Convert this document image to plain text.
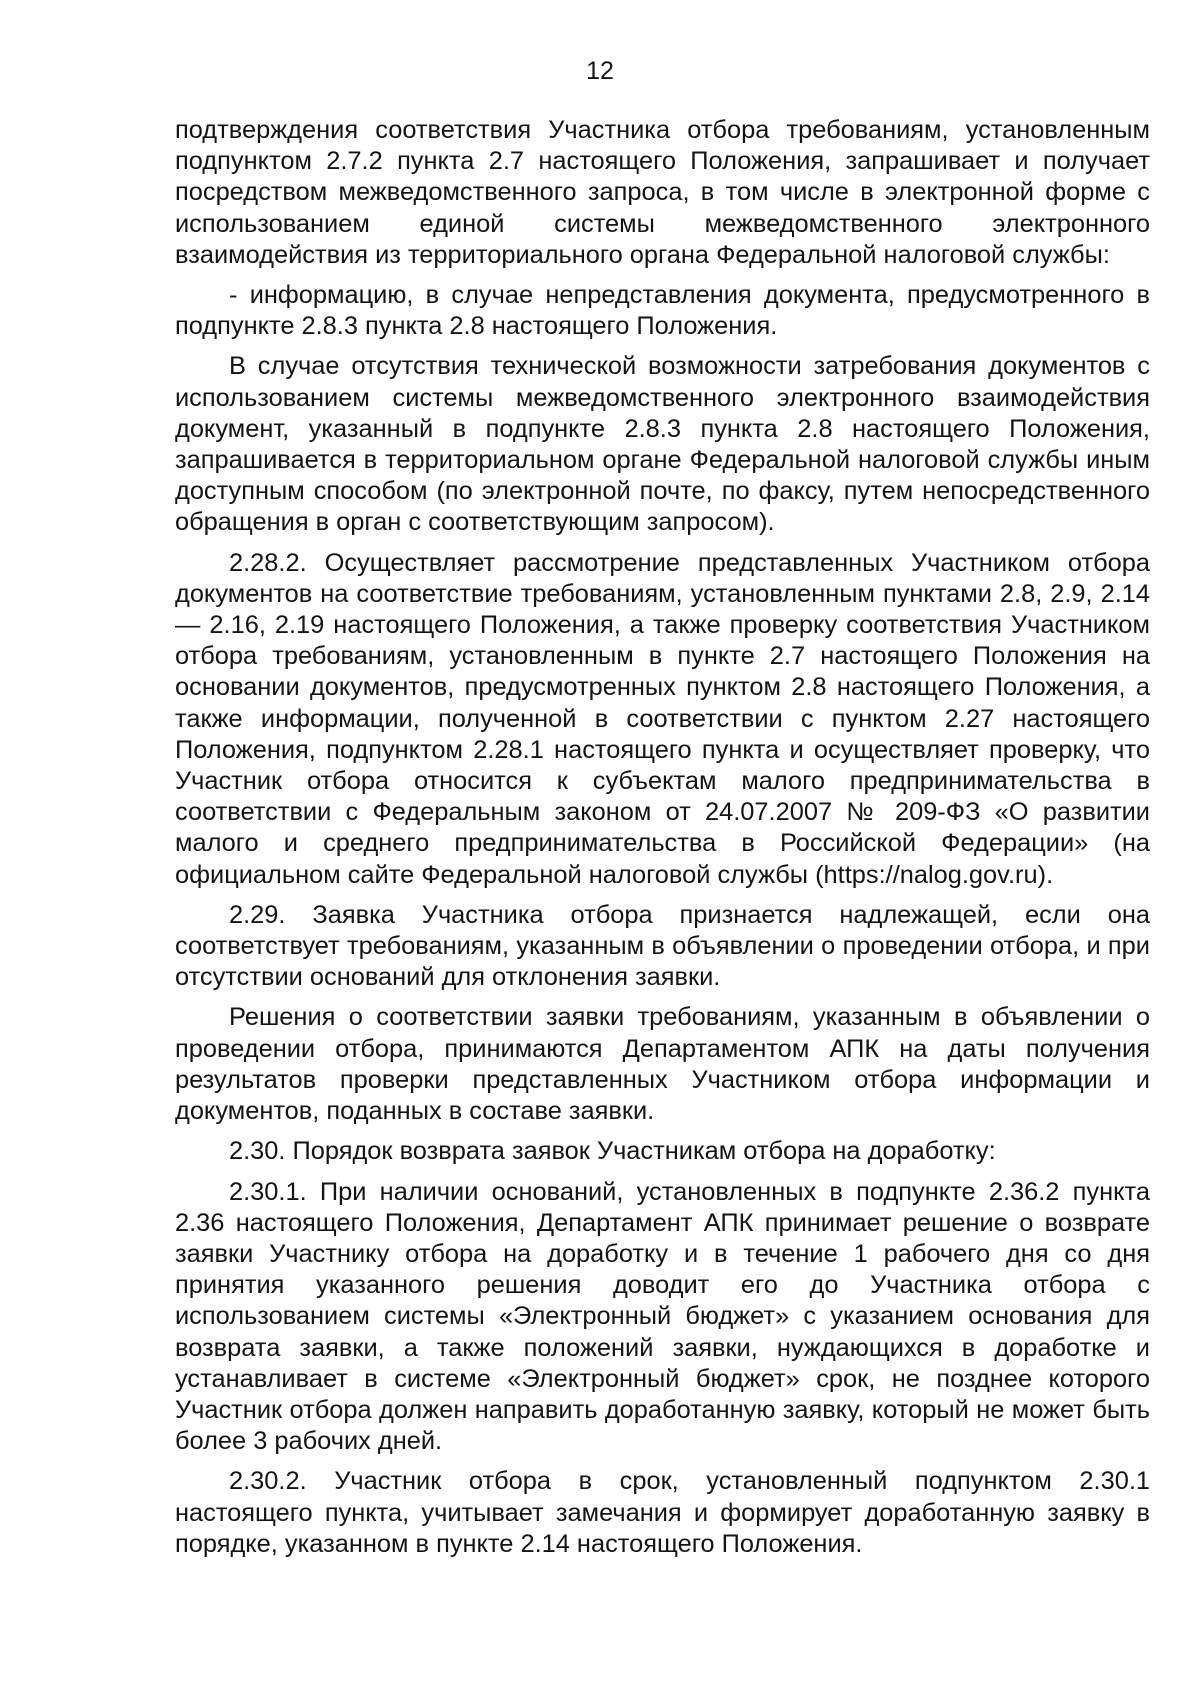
12

подтверждения соответствия Участника отбора требованиям, установленным подпунктом 2.7.2 пункта 2.7 настоящего Положения, запрашивает и получает посредством межведомственного запроса, в том числе в электронной форме с использованием единой системы межведомственного электронного взаимодействия из территориального органа Федеральной налоговой службы:

- информацию, в случае непредставления документа, предусмотренного в подпункте 2.8.3 пункта 2.8 настоящего Положения.

В случае отсутствия технической возможности затребования документов с использованием системы межведомственного электронного взаимодействия документ, указанный в подпункте 2.8.3 пункта 2.8 настоящего Положения, запрашивается в территориальном органе Федеральной налоговой службы иным доступным способом (по электронной почте, по факсу, путем непосредственного обращения в орган с соответствующим запросом).

2.28.2. Осуществляет рассмотрение представленных Участником отбора документов на соответствие требованиям, установленным пунктами 2.8, 2.9, 2.14 — 2.16, 2.19 настоящего Положения, а также проверку соответствия Участником отбора требованиям, установленным в пункте 2.7 настоящего Положения на основании документов, предусмотренных пунктом 2.8 настоящего Положения, а также информации, полученной в соответствии с пунктом 2.27 настоящего Положения, подпунктом 2.28.1 настоящего пункта и осуществляет проверку, что Участник отбора относится к субъектам малого предпринимательства в соответствии с Федеральным законом от 24.07.2007 № 209-ФЗ «О развитии малого и среднего предпринимательства в Российской Федерации» (на официальном сайте Федеральной налоговой службы (https://nalog.gov.ru).

2.29. Заявка Участника отбора признается надлежащей, если она соответствует требованиям, указанным в объявлении о проведении отбора, и при отсутствии оснований для отклонения заявки.

Решения о соответствии заявки требованиям, указанным в объявлении о проведении отбора, принимаются Департаментом АПК на даты получения результатов проверки представленных Участником отбора информации и документов, поданных в составе заявки.

2.30. Порядок возврата заявок Участникам отбора на доработку:

2.30.1. При наличии оснований, установленных в подпункте 2.36.2 пункта 2.36 настоящего Положения, Департамент АПК принимает решение о возврате заявки Участнику отбора на доработку и в течение 1 рабочего дня со дня принятия указанного решения доводит его до Участника отбора с использованием системы «Электронный бюджет» с указанием основания для возврата заявки, а также положений заявки, нуждающихся в доработке и устанавливает в системе «Электронный бюджет» срок, не позднее которого Участник отбора должен направить доработанную заявку, который не может быть более 3 рабочих дней.

2.30.2. Участник отбора в срок, установленный подпунктом 2.30.1 настоящего пункта, учитывает замечания и формирует доработанную заявку в порядке, указанном в пункте 2.14 настоящего Положения.
